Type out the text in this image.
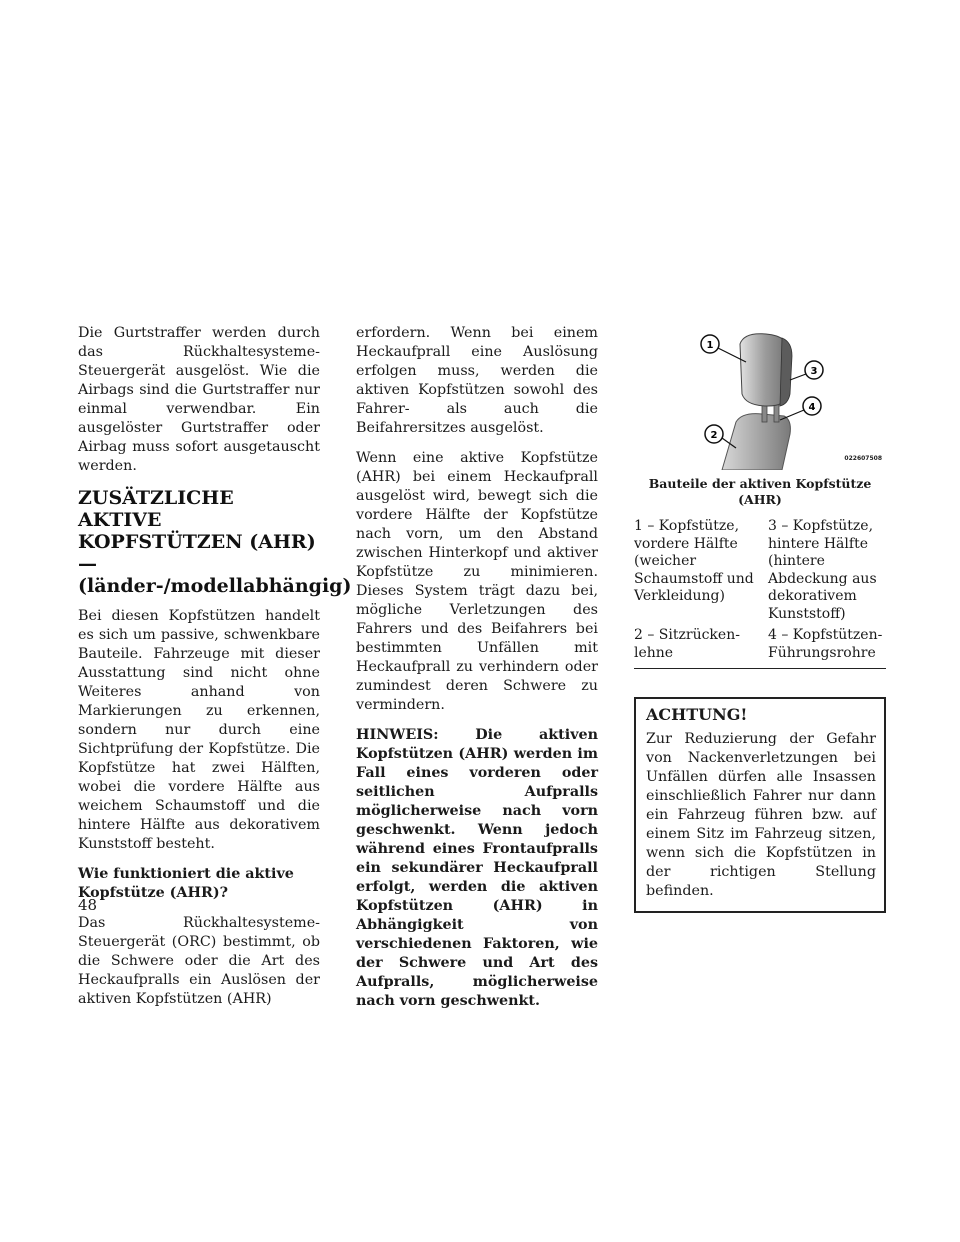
Die Gurtstraffer werden durch das Rückhaltesysteme-Steuergerät ausgelöst. Wie die Airbags sind die Gurtstraffer nur einmal verwendbar. Ein ausgelöster Gurtstraffer oder Airbag muss sofort ausgetauscht werden.

ZUSÄTZLICHE AKTIVE
KOPFSTÜTZEN (AHR) —
(länder-/modellabhängig)

Bei diesen Kopfstützen handelt es sich um passive, schwenkbare Bauteile. Fahrzeuge mit dieser Ausstattung sind nicht ohne Weiteres anhand von Markierungen zu erkennen, sondern nur durch eine Sichtprüfung der Kopfstütze. Die Kopfstütze hat zwei Hälften, wobei die vordere Hälfte aus weichem Schaumstoff und die hintere Hälfte aus dekorativem Kunststoff besteht.

Wie funktioniert die aktive Kopfstütze (AHR)?

Das Rückhaltesysteme-Steuergerät (ORC) bestimmt, ob die Schwere oder die Art des Heckaufpralls ein Auslösen der aktiven Kopfstützen (AHR)

erfordern. Wenn bei einem Heckaufprall eine Auslösung erfolgen muss, werden die aktiven Kopfstützen sowohl des Fahrer- als auch die Beifahrersitzes ausgelöst.

Wenn eine aktive Kopfstütze (AHR) bei einem Heckaufprall ausgelöst wird, bewegt sich die vordere Hälfte der Kopfstütze nach vorn, um den Abstand zwischen Hinterkopf und aktiver Kopfstütze zu minimieren. Dieses System trägt dazu bei, mögliche Verletzungen des Fahrers und des Beifahrers bei bestimmten Unfällen mit Heckaufprall zu verhindern oder zumindest deren Schwere zu vermindern.

HINWEIS: Die aktiven Kopfstützen (AHR) werden im Fall eines vorderen oder seitlichen Aufpralls möglicherweise nach vorn geschwenkt. Wenn jedoch während eines Frontaufpralls ein sekundärer Heckaufprall erfolgt, werden die aktiven Kopfstützen (AHR) in Abhängigkeit von verschiedenen Faktoren, wie der Schwere und Art des Aufpralls, möglicherweise nach vorn geschwenkt.

1
2
3
4
022607508
Bauteile der aktiven Kopfstütze (AHR)
1 – Kopfstütze, vordere Hälfte (weicher Schaumstoff und Verkleidung)	3 – Kopfstütze, hintere Hälfte (hintere Abdeckung aus dekorativem Kunststoff)
2 – Sitzrückenlehne	4 – KopfstützenFührungsrohre
ACHTUNG!

Zur Reduzierung der Gefahr von Nackenverletzungen bei Unfällen dürfen alle Insassen einschließlich Fahrer nur dann ein Fahrzeug führen bzw. auf einem Sitz im Fahrzeug sitzen, wenn sich die Kopfstützen in der richtigen Stellung befinden.

48
